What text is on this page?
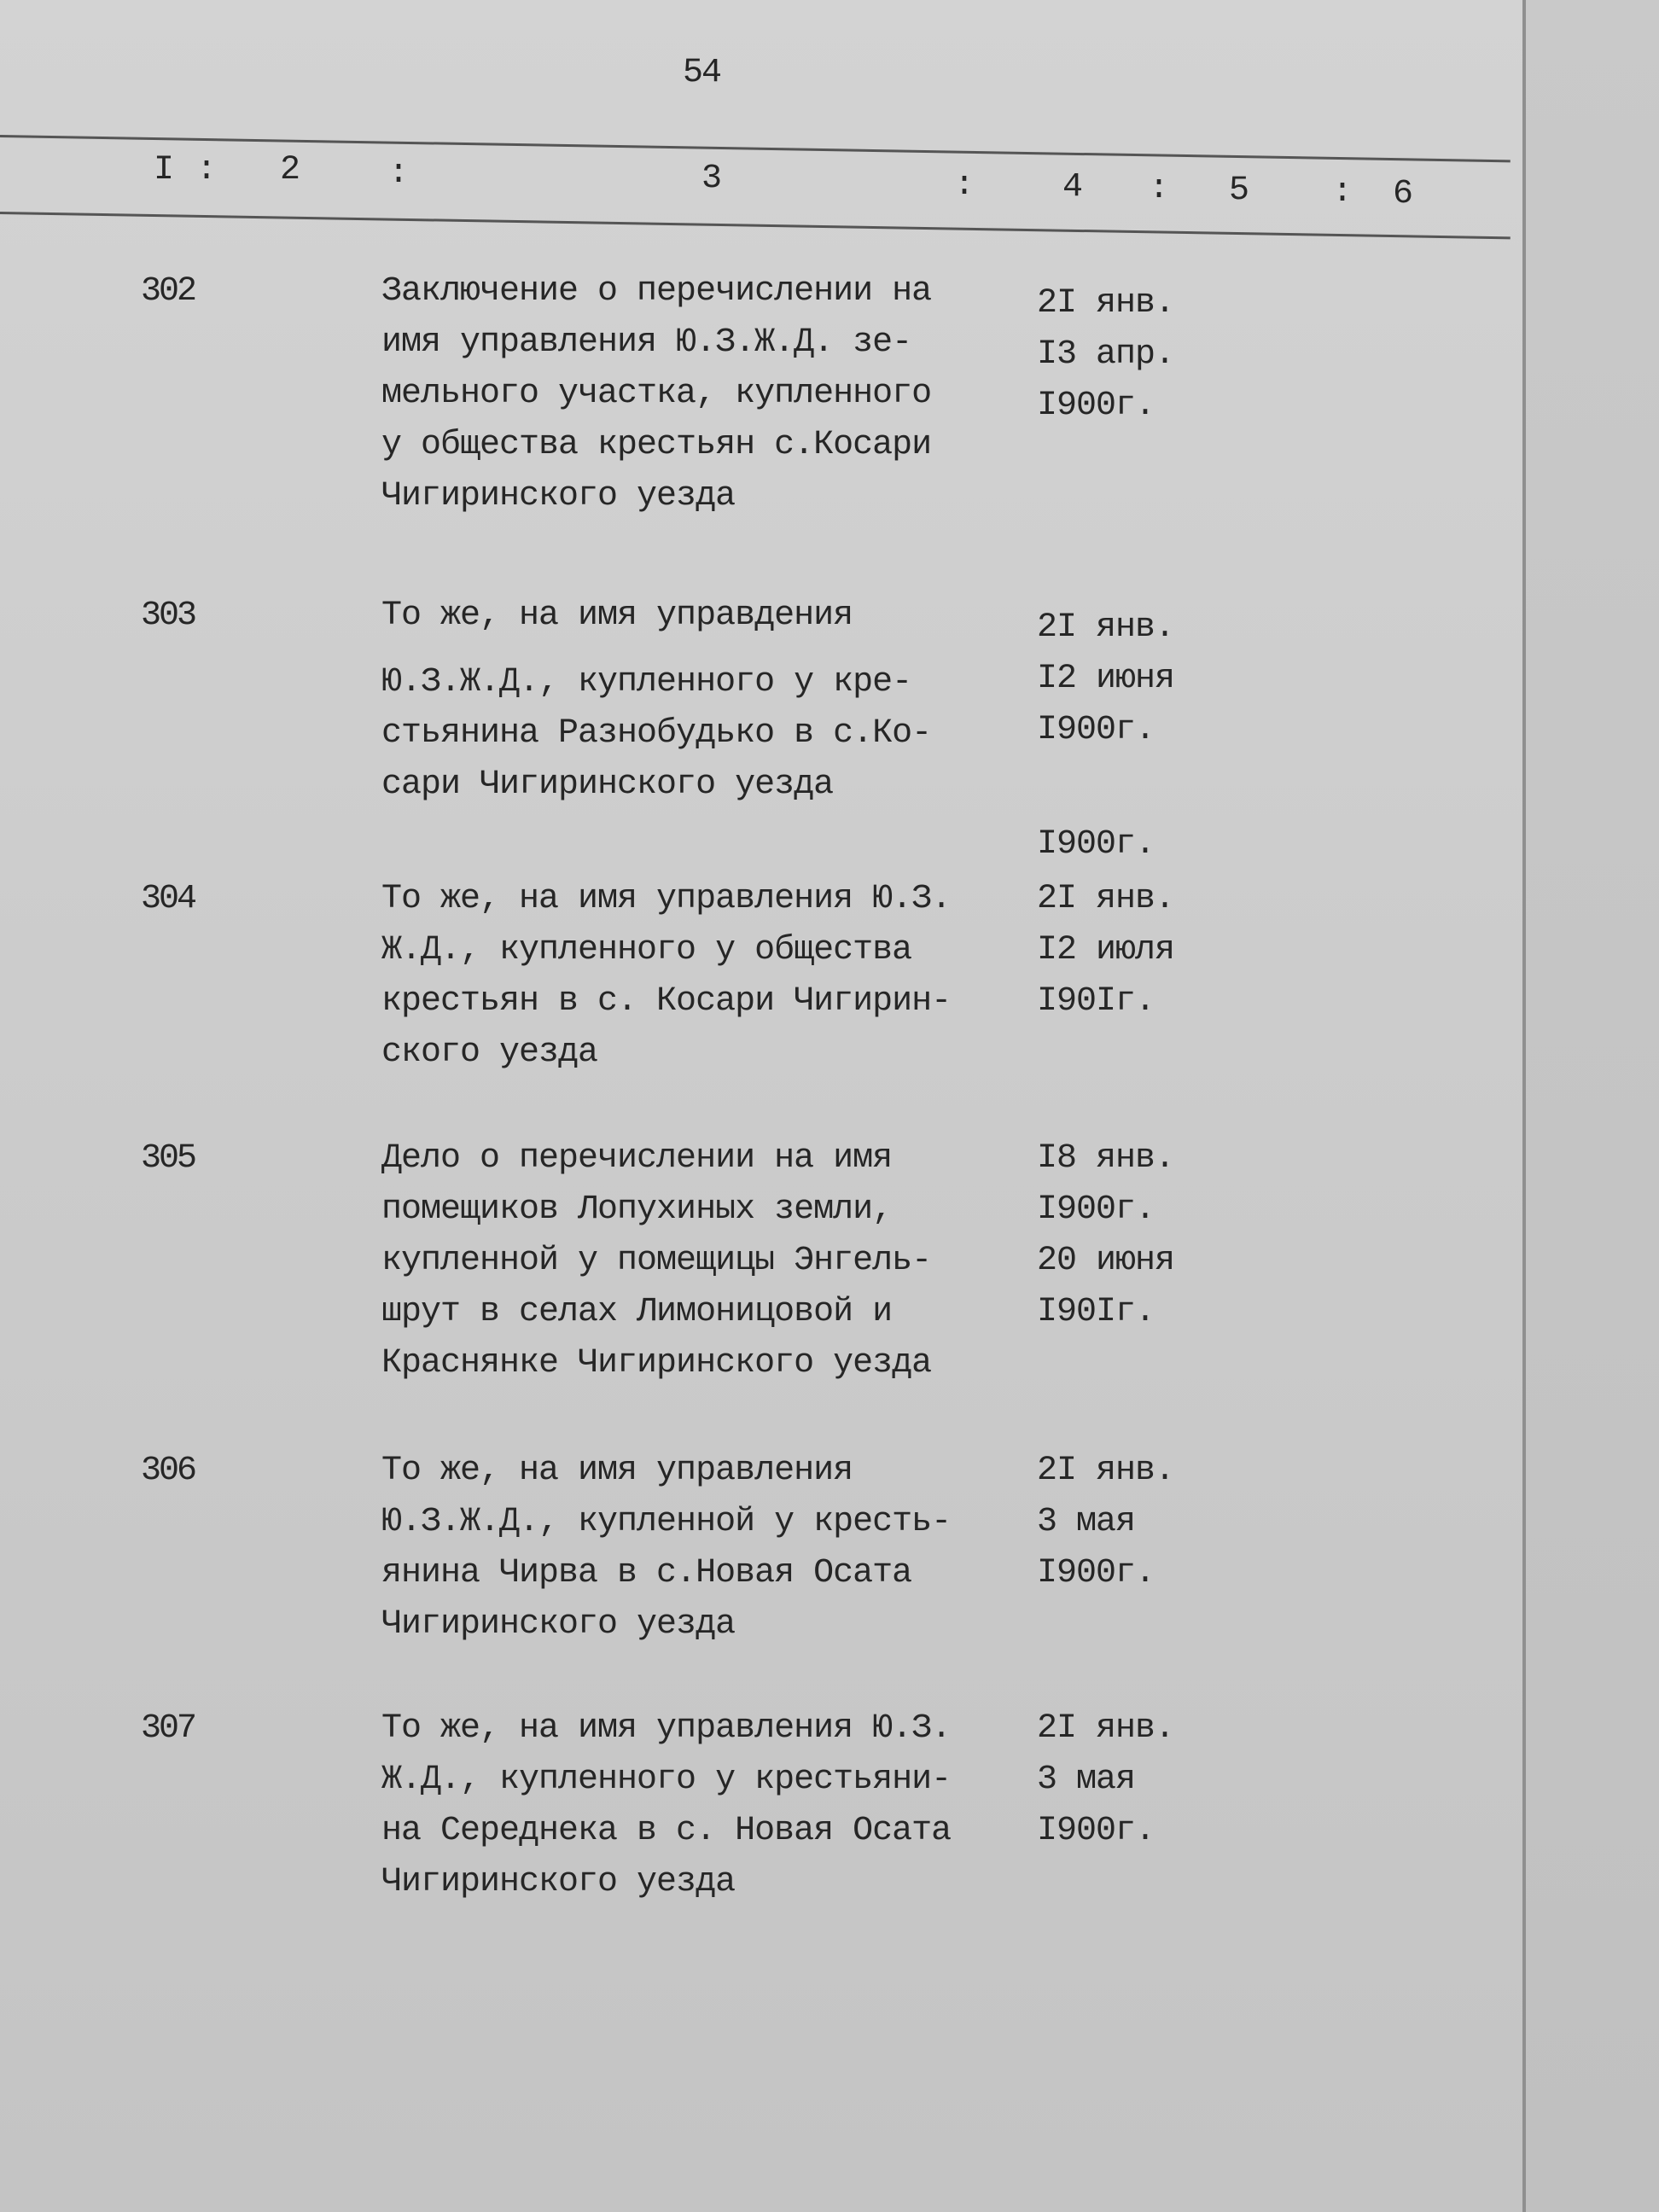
54
I : 2	:	3	:	4 : 5 : 6
302	Заключение о перечислении на
имя управления Ю.З.Ж.Д. зе-
мельного участка, купленного
у общества крестьян с.Косари
Чигиринского уезда
2I янв.
I3 апр.
I900г.
303	То же, на имя управдения
Ю.З.Ж.Д., купленного у кре-
стьянина Разнобудько в с.Ко-
сари Чигиринского уезда
2I янв.
I2 июня
I900г.
I900г.
304	То же, на имя управления Ю.З.
Ж.Д., купленного у общества
крестьян в с. Косари Чигирин-
ского уезда
2I янв.
I2 июля
I90Iг.
305	Дело о перечислении на имя
помещиков Лопухиных земли,
купленной у помещицы Энгель-
шрут в селах Лимоницовой и
Краснянке Чигиринского уезда
I8 янв.
I900г.
20 июня
I90Iг.
306	То же, на имя управления
Ю.З.Ж.Д., купленной у кресть-
янина Чирва в с.Новая Осата
Чигиринского уезда
2I янв.
3 мая
I900г.
307	То же, на имя управления Ю.З.
Ж.Д., купленного у крестьяни-
на Середнека в с. Новая Осата
Чигиринского уезда
2I янв.
3 мая
I900г.
